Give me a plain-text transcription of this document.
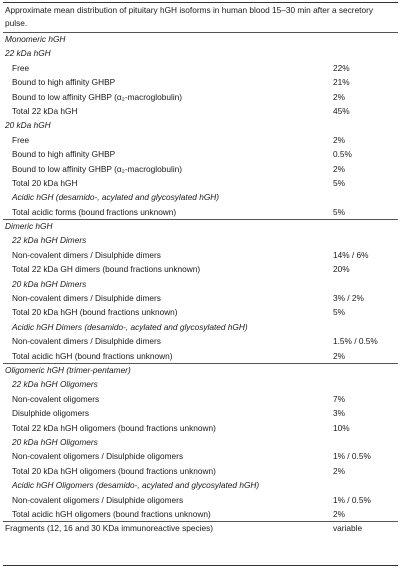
Approximate mean distribution of pituitary hGH isoforms in human blood 15–30 min after a secretory pulse.
Monomeric hGH
22 kDa hGH
Free	22%
Bound to high affinity GHBP	21%
Bound to low affinity GHBP (α₂-macroglobulin)	2%
Total 22 kDa hGH	45%
20 kDa hGH
Free	2%
Bound to high affinity GHBP	0.5%
Bound to low affinity GHBP (α₂-macroglobulin)	2%
Total 20 kDa hGH	5%
Acidic hGH (desamido-, acylated and glycosylated hGH)
Total acidic forms (bound fractions unknown)	5%
Dimeric hGH
22 kDa hGH Dimers
Non-covalent dimers / Disulphide dimers	14% / 6%
Total 22 kDa GH dimers (bound fractions unknown)	20%
20 kDa hGH Dimers
Non-covalent dimers / Disulphide dimers	3% / 2%
Total 20 kDa hGH (bound fractions unknown)	5%
Acidic hGH Dimers (desamido-, acylated and glycosylated hGH)
Non-covalent dimers / Disulphide dimers	1.5% / 0.5%
Total acidic hGH (bound fractions unknown)	2%
Oligomeric hGH (trimer-pentamer)
22 kDa hGH Oligomers
Non-covalent oligomers	7%
Disulphide oligomers	3%
Total 22 kDa hGH oligomers (bound fractions unknown)	10%
20 kDa hGH Oligomers
Non-covalent oligomers / Disulphide oligomers	1% / 0.5%
Total 20 kDa hGH oligomers (bound fractions unknown)	2%
Acidic hGH Oligomers (desamido-, acylated and glycosylated hGH)
Non-covalent oligomers / Disulphide oligomers	1% / 0.5%
Total acidic hGH oligomers (bound fractions unknown)	2%
Fragments (12, 16 and 30 KDa immunoreactive species)	variable
